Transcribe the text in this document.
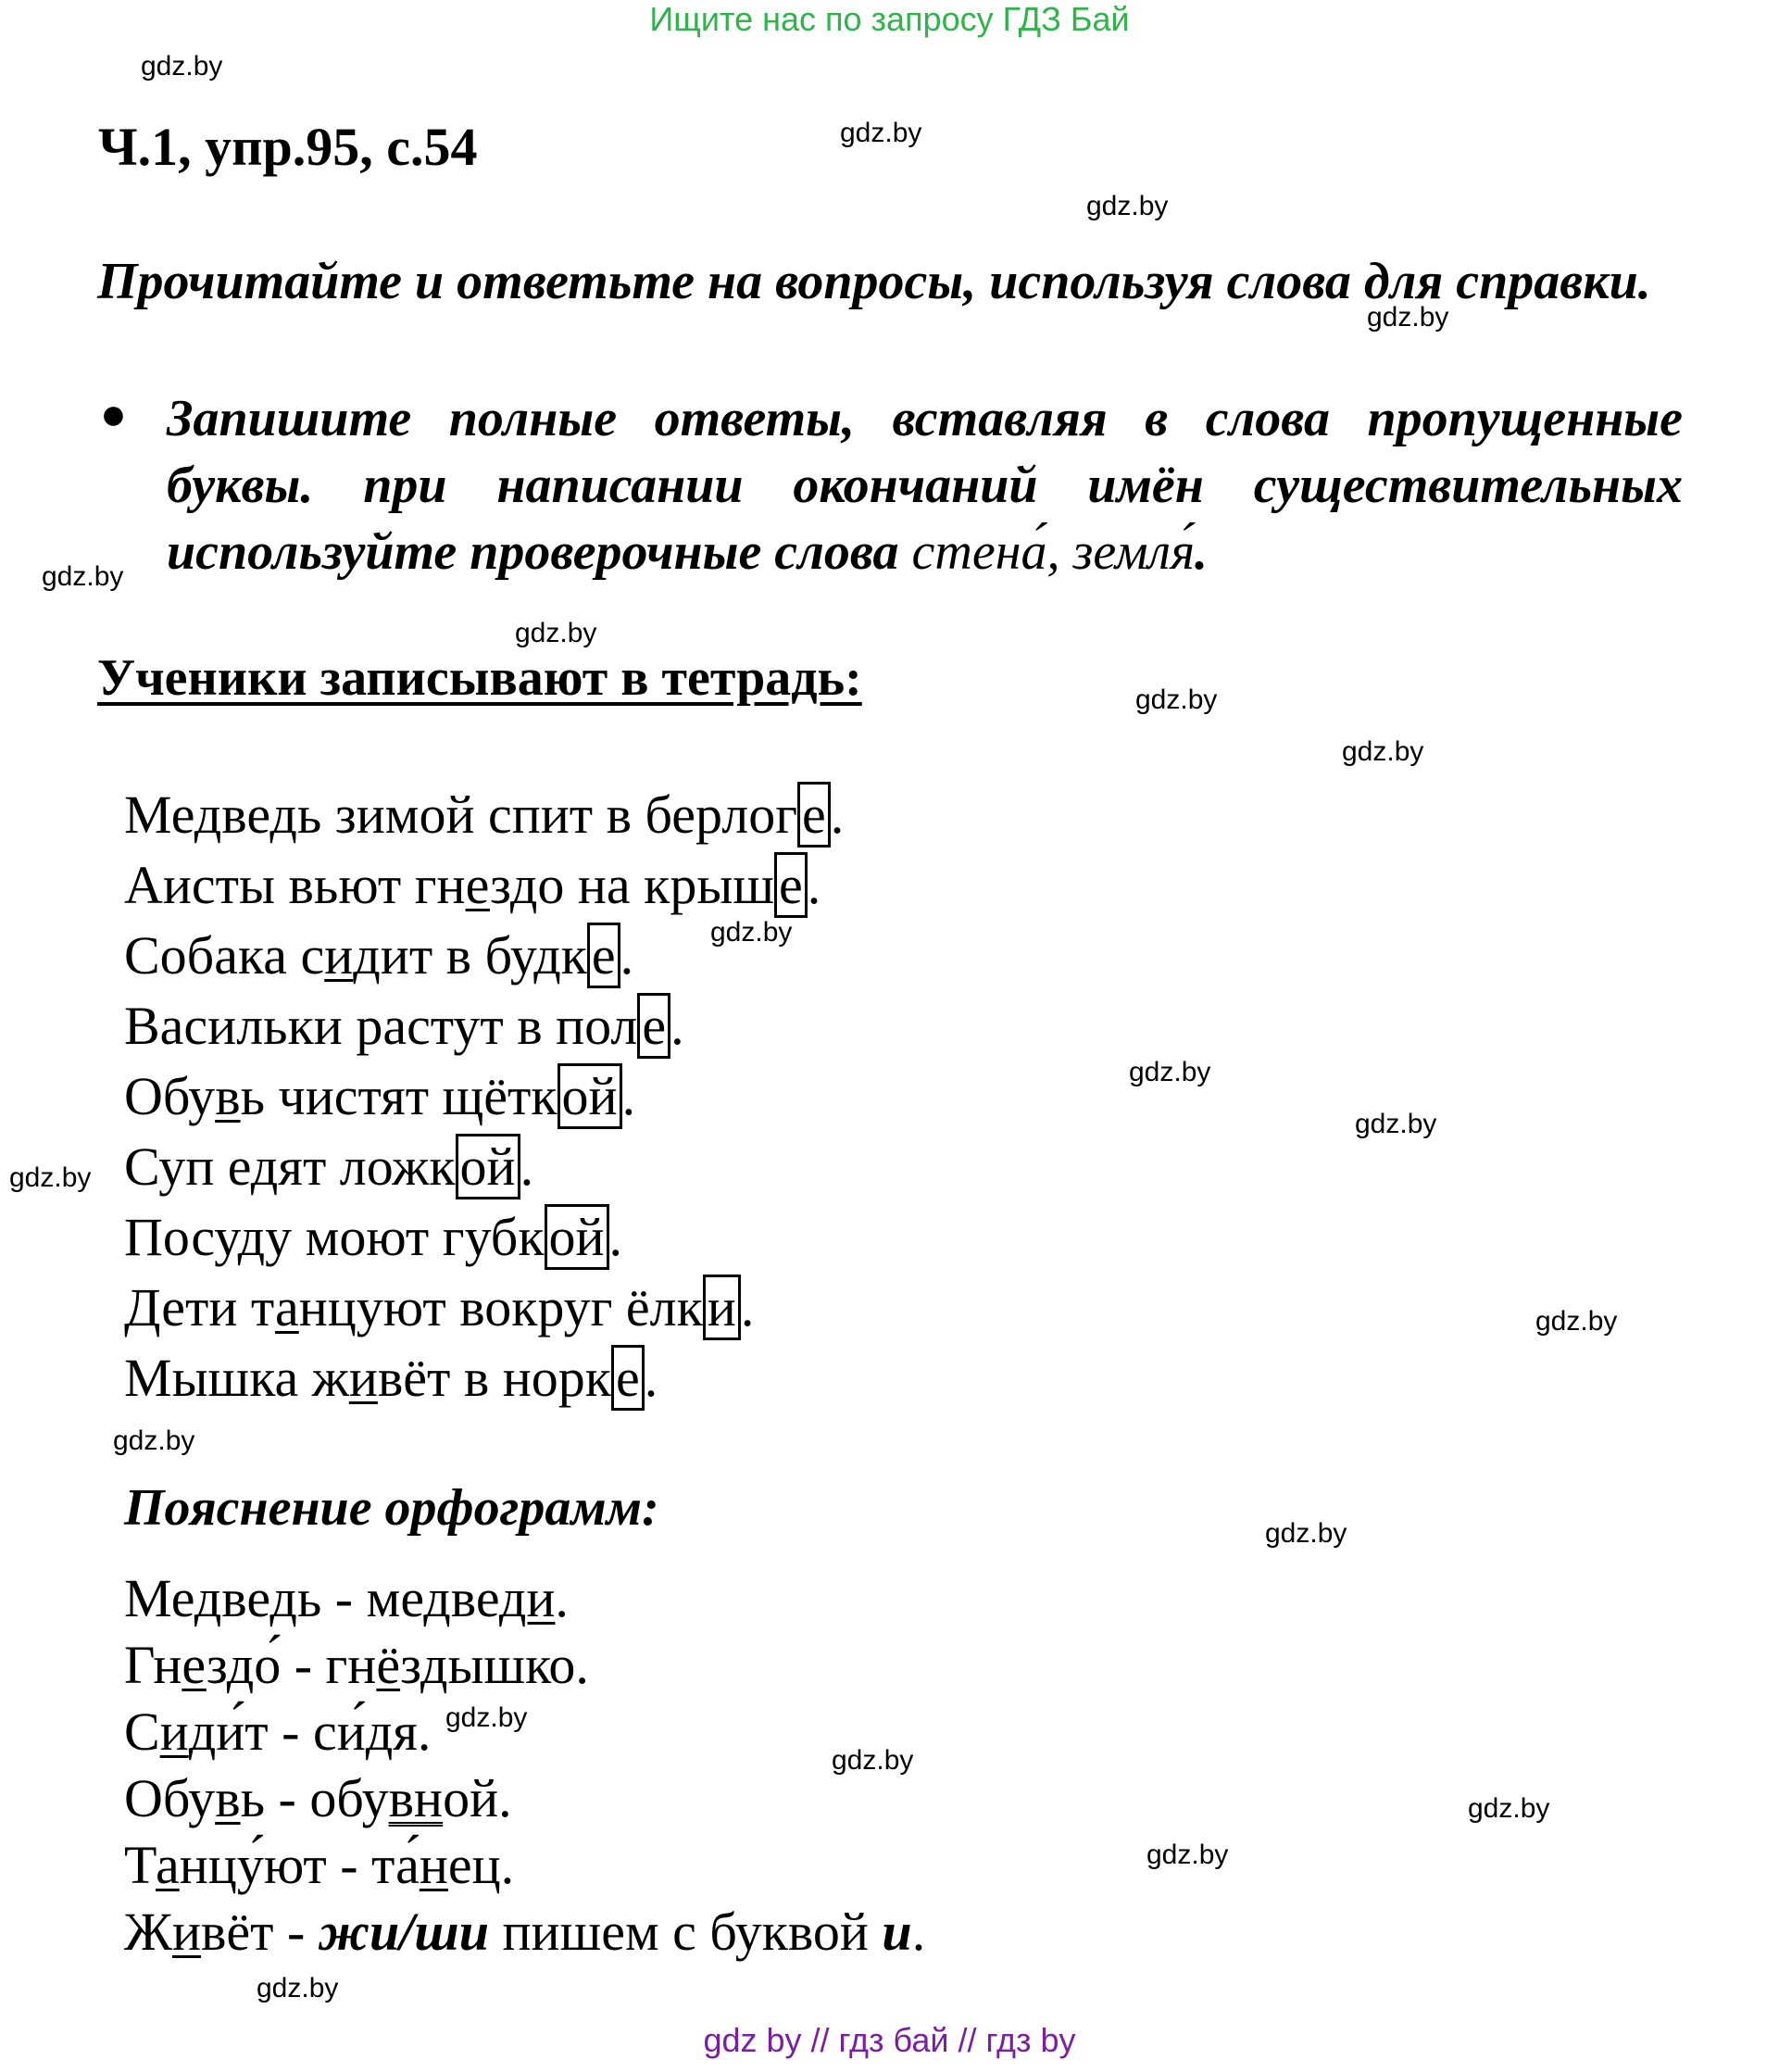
Ищите нас по запросу ГДЗ Бай
gdz.by
gdz.by
gdz.by
gdz.by
gdz.by
gdz.by
gdz.by
gdz.by
gdz.by
gdz.by
gdz.by
gdz.by
gdz.by
gdz.by
gdz.by
gdz.by
gdz.by
gdz.by
gdz.by
gdz.by
Ч.1, упр.95, с.54
Прочитайте и ответьте на вопросы, используя слова для справки.
● Запишите полные ответы, вставляя в слова пропущенные буквы. при написании окончаний имён существительных используйте проверочные слова стена́, земля́.
Ученики записывают в тетрадь:
Медведь зимой спит в берлоге.
Аисты вьют гнездо на крыше.
Собака сидит в будке.
Васильки растут в поле.
Обувь чистят щёткой.
Суп едят ложкой.
Посуду моют губкой.
Дети танцуют вокруг ёлки.
Мышка живёт в норке.
Пояснение орфограмм:
Медведь - медведи.
Гнездо́ - гнёздышко.
Сиди́т - си́дя.
Обувь - обувной.
Танцу́ют - та́нец.
Живёт - жи/ши пишем с буквой и.
gdz by // гдз бай // гдз by
